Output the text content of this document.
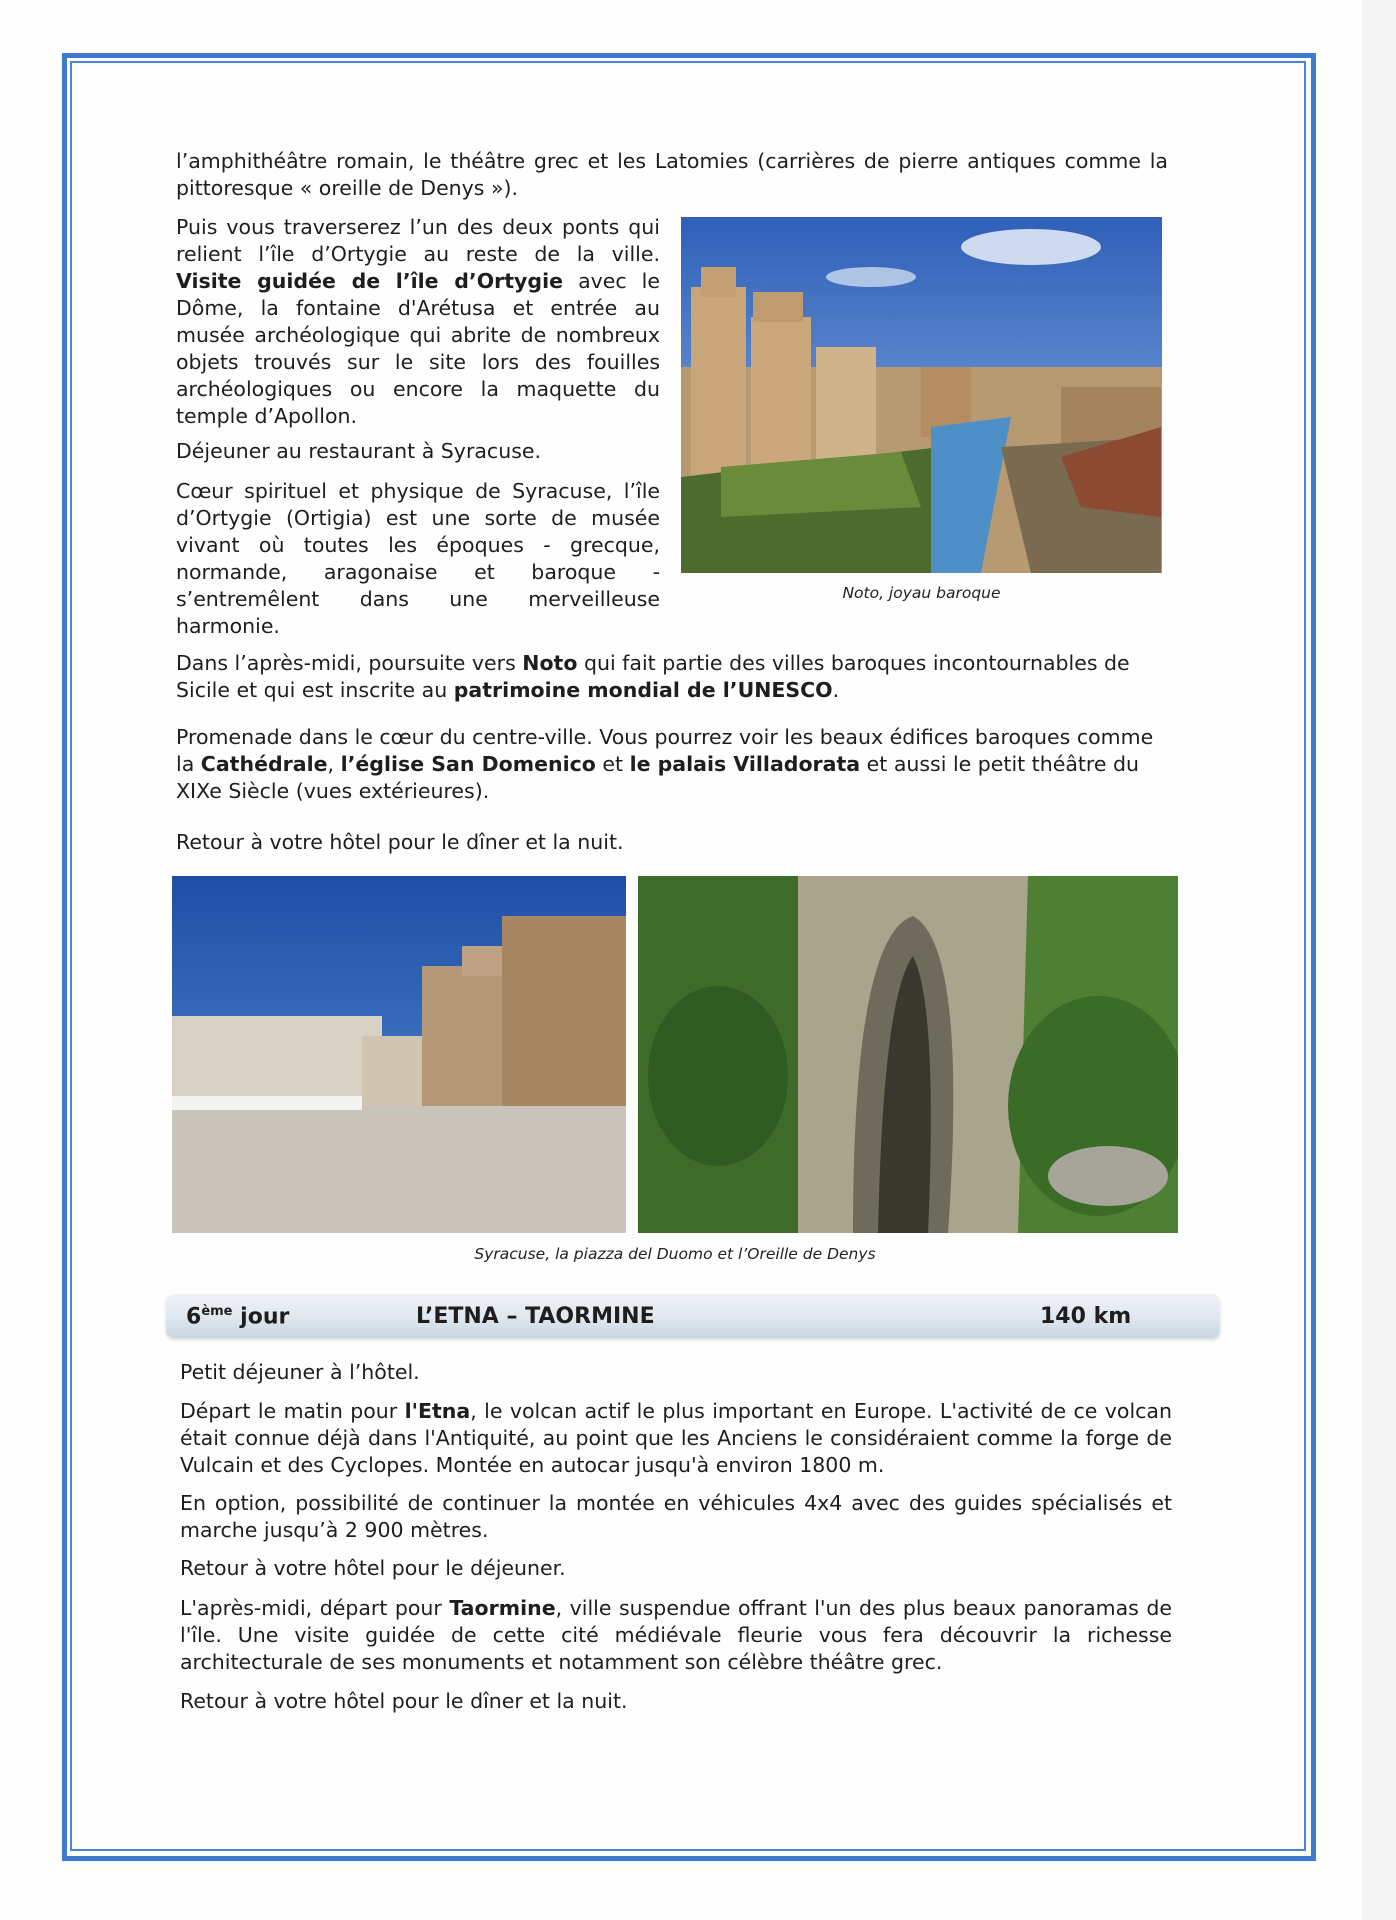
l’amphithéâtre romain, le théâtre grec et les Latomies (carrières de pierre antiques comme la pittoresque « oreille de Denys »).

Puis vous traverserez l’un des deux ponts qui relient l’île d’Ortygie au reste de la ville. Visite guidée de l’île d’Ortygie avec le Dôme, la fontaine d'Arétusa et entrée au musée archéologique qui abrite de nombreux objets trouvés sur le site lors des fouilles archéologiques ou encore la maquette du temple d’Apollon.

Déjeuner au restaurant à Syracuse.

Cœur spirituel et physique de Syracuse, l’île d’Ortygie (Ortigia) est une sorte de musée vivant où toutes les époques - grecque, normande, aragonaise et baroque - s’entremêlent dans une merveilleuse harmonie.

Noto, joyau baroque

Dans l’après-midi, poursuite vers Noto qui fait partie des villes baroques incontournables de Sicile et qui est inscrite au patrimoine mondial de l’UNESCO.

Promenade dans le cœur du centre-ville. Vous pourrez voir les beaux édifices baroques comme la Cathédrale, l’église San Domenico et le palais Villadorata et aussi le petit théâtre du XIXe Siècle (vues extérieures).

Retour à votre hôtel pour le dîner et la nuit.

Syracuse, la piazza del Duomo et l’Oreille de Denys
6ème jour	L’ETNA – TAORMINE	140 km

Petit déjeuner à l’hôtel.

Départ le matin pour l'Etna, le volcan actif le plus important en Europe. L'activité de ce volcan était connue déjà dans l'Antiquité, au point que les Anciens le considéraient comme la forge de Vulcain et des Cyclopes. Montée en autocar jusqu'à environ 1800 m.

En option, possibilité de continuer la montée en véhicules 4x4 avec des guides spécialisés et marche jusqu’à 2 900 mètres.

Retour à votre hôtel pour le déjeuner.

L'après-midi, départ pour Taormine, ville suspendue offrant l'un des plus beaux panoramas de l'île. Une visite guidée de cette cité médiévale fleurie vous fera découvrir la richesse architecturale de ses monuments et notamment son célèbre théâtre grec.

Retour à votre hôtel pour le dîner et la nuit.
